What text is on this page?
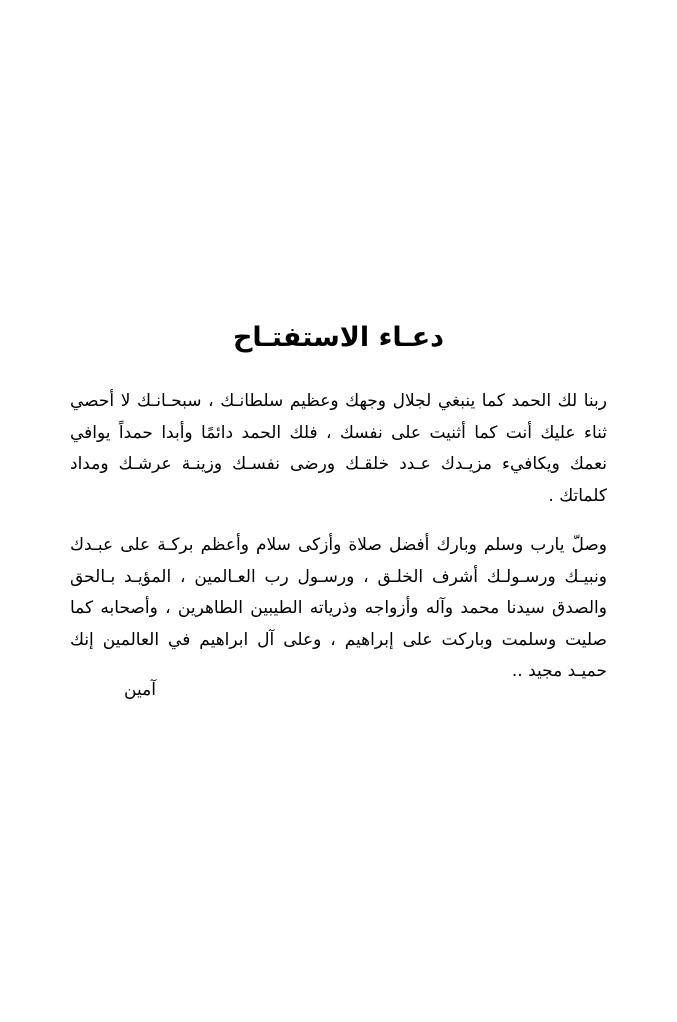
دعـاء الاستفتـاح

ربنا لك الحمد كما ينبغي لجلال وجهك وعظيم سلطانـك ، سبحـانـك لا أحصي ثناء عليك أنت كما أثنيت على نفسك ، فلك الحمد دائمًا وأبدا حمداً يوافي نعمك ويكافيء مزيـدك عـدد خلقـك ورضى نفسـك وزينـة عرشـك ومداد كلماتك .

وصلّ يارب وسلم وبارك أفضل صلاة وأزكى سلام وأعظم بركـة على عبـدك ونبيـك ورسـولـك أشرف الخلـق ، ورسـول رب العـالمين ، المؤيـد بـالحق والصدق سيدنا محمد وآله وأزواجه وذرياته الطيبين الطاهرين ، وأصحابه كما صليت وسلمت وباركت على إبراهيم ، وعلى آل ابراهيم في العالمين إنك حميـد مجيد ..

آمين
